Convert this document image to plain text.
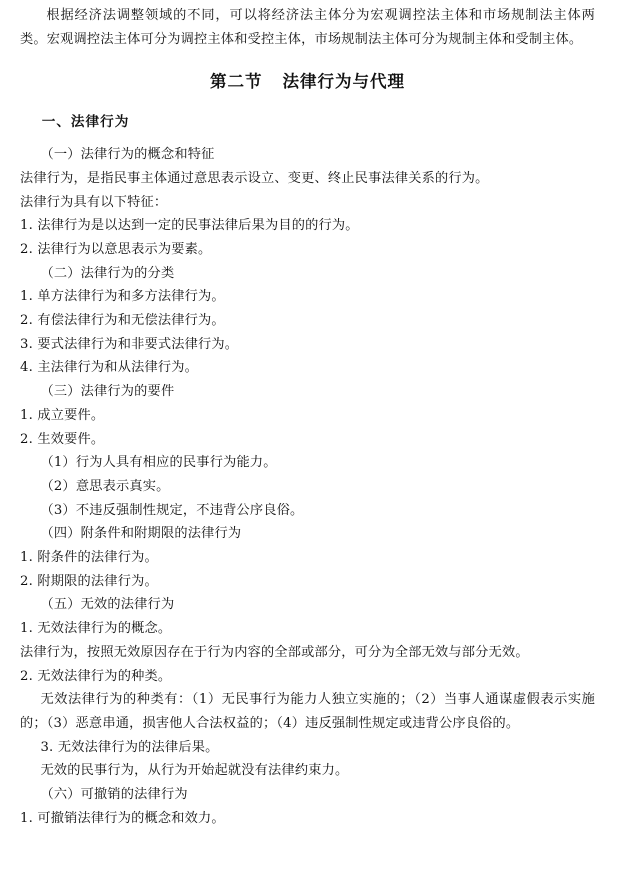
根据经济法调整领域的不同，可以将经济法主体分为宏观调控法主体和市场规制法主体两类。宏观调控法主体可分为调控主体和受控主体，市场规制法主体可分为规制主体和受制主体。

第二节 法律行为与代理

一、法律行为

（一）法律行为的概念和特征

法律行为，是指民事主体通过意思表示设立、变更、终止民事法律关系的行为。

法律行为具有以下特征：

1. 法律行为是以达到一定的民事法律后果为目的的行为。

2. 法律行为以意思表示为要素。

（二）法律行为的分类

1. 单方法律行为和多方法律行为。

2. 有偿法律行为和无偿法律行为。

3. 要式法律行为和非要式法律行为。

4. 主法律行为和从法律行为。

（三）法律行为的要件

1. 成立要件。

2. 生效要件。

（1）行为人具有相应的民事行为能力。

（2）意思表示真实。

（3）不违反强制性规定，不违背公序良俗。

（四）附条件和附期限的法律行为

1. 附条件的法律行为。

2. 附期限的法律行为。

（五）无效的法律行为

1. 无效法律行为的概念。

法律行为，按照无效原因存在于行为内容的全部或部分，可分为全部无效与部分无效。

2. 无效法律行为的种类。

无效法律行为的种类有：（1）无民事行为能力人独立实施的；（2）当事人通谋虚假表示实施的；（3）恶意串通，损害他人合法权益的；（4）违反强制性规定或违背公序良俗的。

3. 无效法律行为的法律后果。

无效的民事行为，从行为开始起就没有法律约束力。

（六）可撤销的法律行为

1. 可撤销法律行为的概念和效力。
